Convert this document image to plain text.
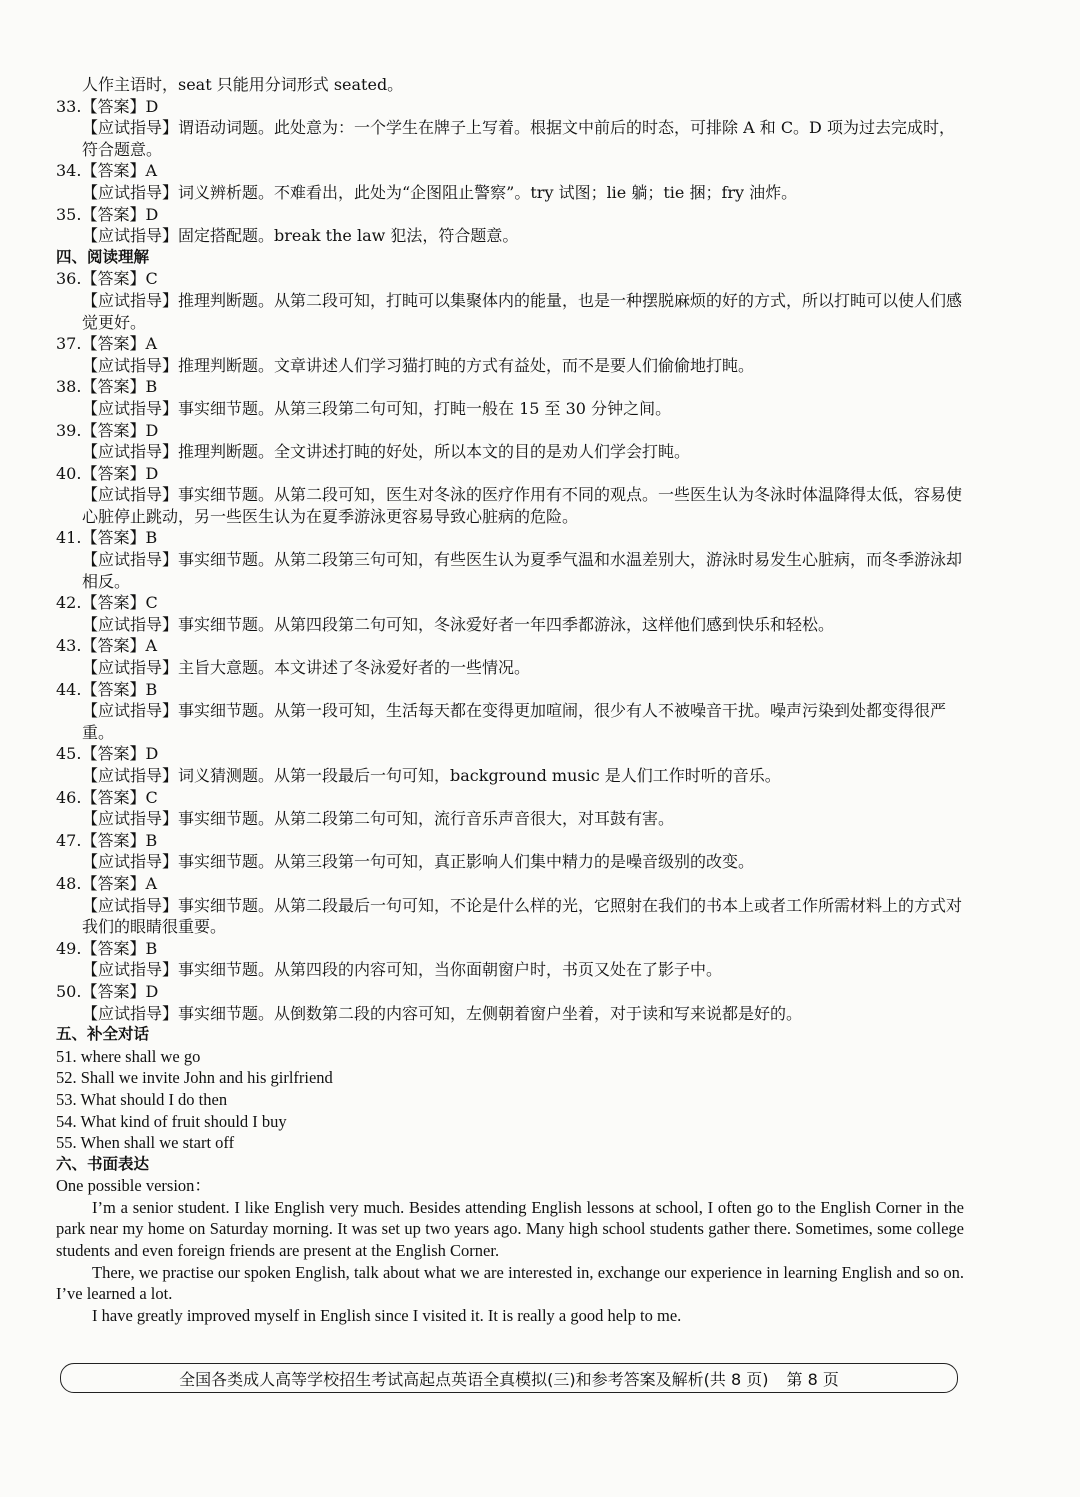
人作主语时，seat 只能用分词形式 seated。
33.【答案】D
【应试指导】谓语动词题。此处意为：一个学生在牌子上写着。根据文中前后的时态，可排除 A 和 C。D 项为过去完成时，符合题意。
34.【答案】A
【应试指导】词义辨析题。不难看出，此处为“企图阻止警察”。try 试图；lie 躺；tie 捆；fry 油炸。
35.【答案】D
【应试指导】固定搭配题。break the law 犯法，符合题意。
四、阅读理解
36.【答案】C
【应试指导】推理判断题。从第二段可知，打盹可以集聚体内的能量，也是一种摆脱麻烦的好的方式，所以打盹可以使人们感觉更好。
37.【答案】A
【应试指导】推理判断题。文章讲述人们学习猫打盹的方式有益处，而不是要人们偷偷地打盹。
38.【答案】B
【应试指导】事实细节题。从第三段第二句可知，打盹一般在 15 至 30 分钟之间。
39.【答案】D
【应试指导】推理判断题。全文讲述打盹的好处，所以本文的目的是劝人们学会打盹。
40.【答案】D
【应试指导】事实细节题。从第二段可知，医生对冬泳的医疗作用有不同的观点。一些医生认为冬泳时体温降得太低，容易使心脏停止跳动，另一些医生认为在夏季游泳更容易导致心脏病的危险。
41.【答案】B
【应试指导】事实细节题。从第二段第三句可知，有些医生认为夏季气温和水温差别大，游泳时易发生心脏病，而冬季游泳却相反。
42.【答案】C
【应试指导】事实细节题。从第四段第二句可知，冬泳爱好者一年四季都游泳，这样他们感到快乐和轻松。
43.【答案】A
【应试指导】主旨大意题。本文讲述了冬泳爱好者的一些情况。
44.【答案】B
【应试指导】事实细节题。从第一段可知，生活每天都在变得更加喧闹，很少有人不被噪音干扰。噪声污染到处都变得很严重。
45.【答案】D
【应试指导】词义猜测题。从第一段最后一句可知，background music 是人们工作时听的音乐。
46.【答案】C
【应试指导】事实细节题。从第二段第二句可知，流行音乐声音很大，对耳鼓有害。
47.【答案】B
【应试指导】事实细节题。从第三段第一句可知，真正影响人们集中精力的是噪音级别的改变。
48.【答案】A
【应试指导】事实细节题。从第二段最后一句可知，不论是什么样的光，它照射在我们的书本上或者工作所需材料上的方式对我们的眼睛很重要。
49.【答案】B
【应试指导】事实细节题。从第四段的内容可知，当你面朝窗户时，书页又处在了影子中。
50.【答案】D
【应试指导】事实细节题。从倒数第二段的内容可知，左侧朝着窗户坐着，对于读和写来说都是好的。
五、补全对话
51. where shall we go
52. Shall we invite John and his girlfriend
53. What should I do then
54. What kind of fruit should I buy
55. When shall we start off
六、书面表达
One possible version：

I’m a senior student. I like English very much. Besides attending English lessons at school, I often go to the English Corner in the park near my home on Saturday morning. It was set up two years ago. Many high school students gather there. Sometimes, some college students and even foreign friends are present at the English Corner.

There, we practise our spoken English, talk about what we are interested in, exchange our experience in learning English and so on. I’ve learned a lot.

I have greatly improved myself in English since I visited it. It is really a good help to me.

全国各类成人高等学校招生考试高起点英语全真模拟(三)和参考答案及解析(共 8 页) 第 8 页
